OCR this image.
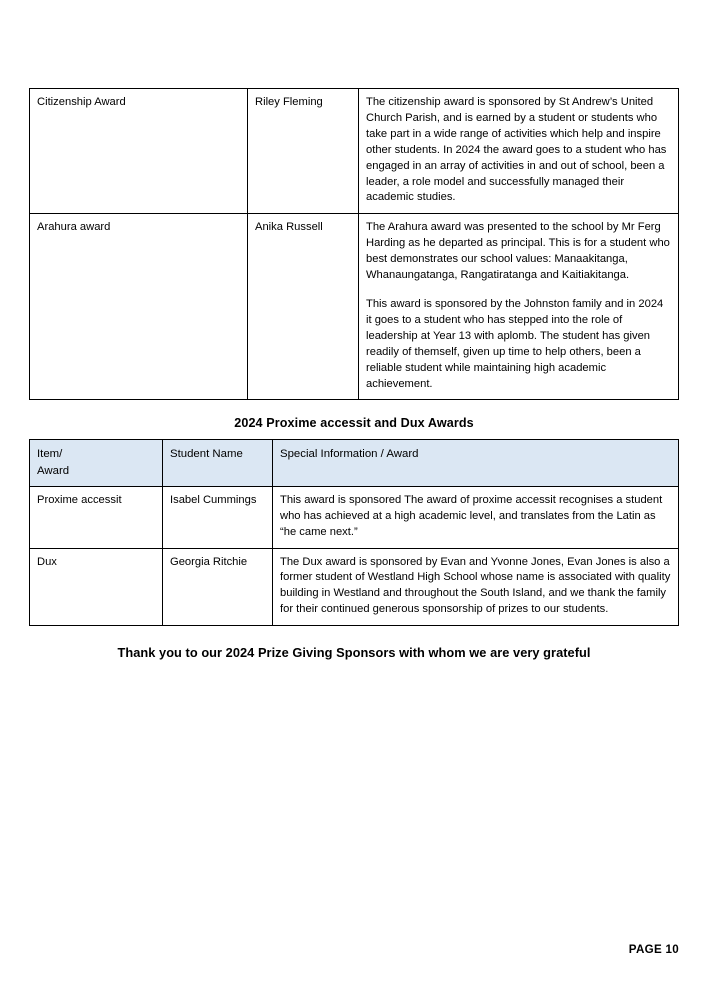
Citizenship Award	Riley Fleming	The citizenship award is sponsored by St Andrew’s United Church Parish, and is earned by a student or students who take part in a wide range of activities which help and inspire other students. In 2024 the award goes to a student who has engaged in an array of activities in and out of school, been a leader, a role model and successfully managed their academic studies.

Arahura award	Anika Russell	The Arahura award was presented to the school by Mr Ferg Harding as he departed as principal. This is for a student who best demonstrates our school values: Manaakitanga, Whanaungatanga, Rangatiratanga and Kaitiakitanga.

This award is sponsored by the Johnston family and in 2024 it goes to a student who has stepped into the role of leadership at Year 13 with aplomb. The student has given readily of themself, given up time to help others, been a reliable student while maintaining high academic achievement.

2024 Proxime accessit and Dux Awards
Item/
Award	Student Name	Special Information / Award
Proxime accessit	Isabel Cummings	This award is sponsored The award of proxime accessit recognises a student who has achieved at a high academic level, and translates from the Latin as “he came next.”

Dux	Georgia Ritchie	The Dux award is sponsored by Evan and Yvonne Jones, Evan Jones is also a former student of Westland High School whose name is associated with quality building in Westland and throughout the South Island, and we thank the family for their continued generous sponsorship of prizes to our students.

Thank you to our 2024 Prize Giving Sponsors with whom we are very grateful
PAGE 10
